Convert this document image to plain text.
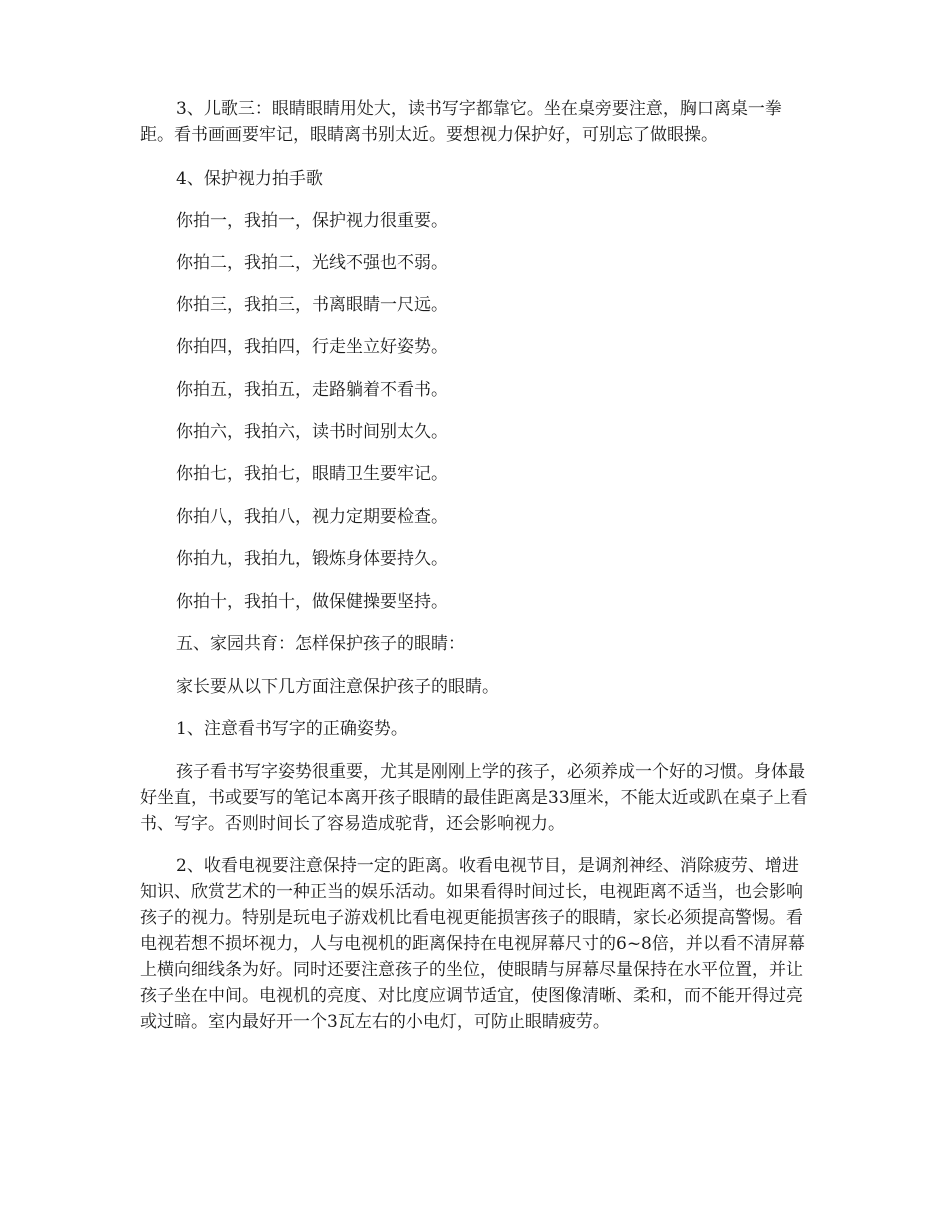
3、儿歌三：眼睛眼睛用处大，读书写字都靠它。坐在桌旁要注意，胸口离桌一拳距。看书画画要牢记，眼睛离书别太近。要想视力保护好，可别忘了做眼操。

4、保护视力拍手歌

你拍一，我拍一，保护视力很重要。

你拍二，我拍二，光线不强也不弱。

你拍三，我拍三，书离眼睛一尺远。

你拍四，我拍四，行走坐立好姿势。

你拍五，我拍五，走路躺着不看书。

你拍六，我拍六，读书时间别太久。

你拍七，我拍七，眼睛卫生要牢记。

你拍八，我拍八，视力定期要检查。

你拍九，我拍九，锻炼身体要持久。

你拍十，我拍十，做保健操要坚持。

五、家园共育：怎样保护孩子的眼睛：

家长要从以下几方面注意保护孩子的眼睛。

1、注意看书写字的正确姿势。

孩子看书写字姿势很重要，尤其是刚刚上学的孩子，必须养成一个好的习惯。身体最好坐直，书或要写的笔记本离开孩子眼睛的最佳距离是33厘米，不能太近或趴在桌子上看书、写字。否则时间长了容易造成驼背，还会影响视力。

2、收看电视要注意保持一定的距离。收看电视节目，是调剂神经、消除疲劳、增进知识、欣赏艺术的一种正当的娱乐活动。如果看得时间过长，电视距离不适当，也会影响孩子的视力。特别是玩电子游戏机比看电视更能损害孩子的眼睛，家长必须提高警惕。看电视若想不损坏视力，人与电视机的距离保持在电视屏幕尺寸的6~8倍，并以看不清屏幕上横向细线条为好。同时还要注意孩子的坐位，使眼睛与屏幕尽量保持在水平位置，并让孩子坐在中间。电视机的亮度、对比度应调节适宜，使图像清晰、柔和，而不能开得过亮或过暗。室内最好开一个3瓦左右的小电灯，可防止眼睛疲劳。
